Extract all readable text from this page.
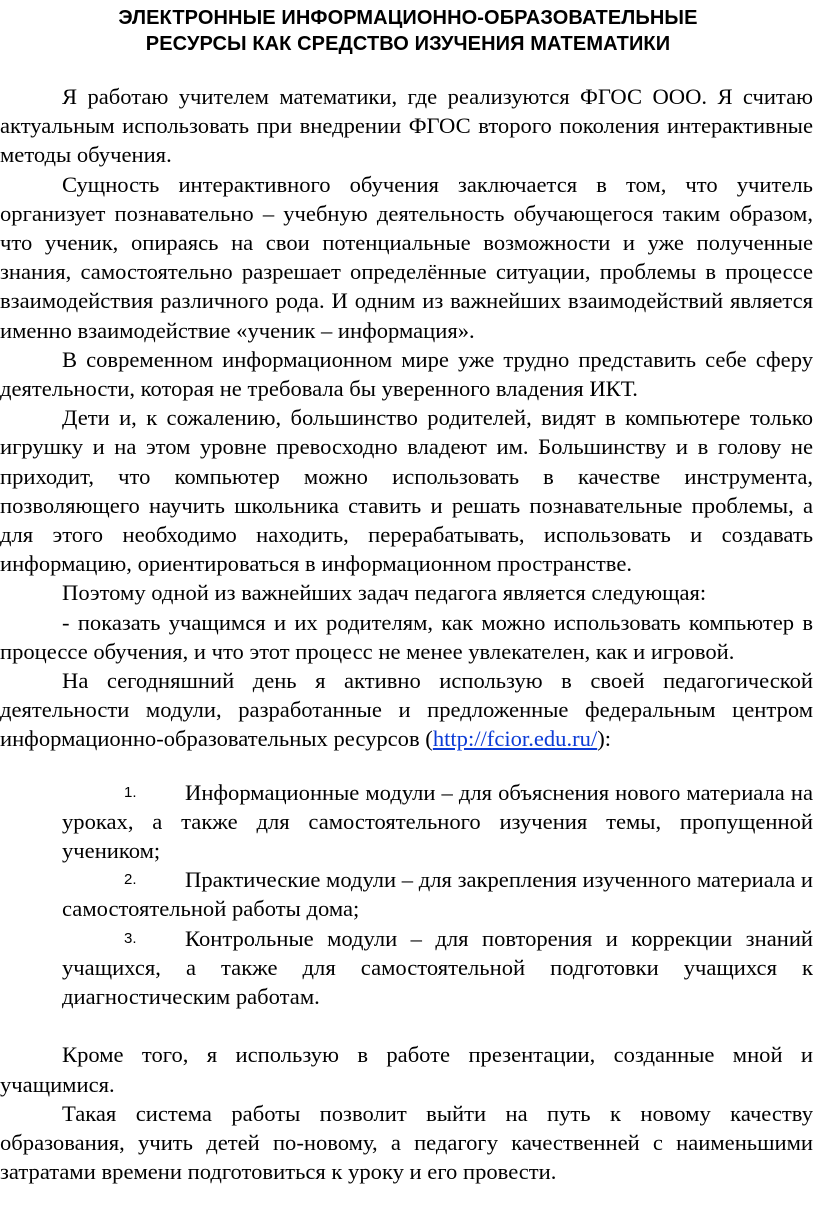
ЭЛЕКТРОННЫЕ ИНФОРМАЦИОННО-ОБРАЗОВАТЕЛЬНЫЕ
РЕСУРСЫ КАК СРЕДСТВО ИЗУЧЕНИЯ МАТЕМАТИКИ

Я работаю учителем математики, где реализуются ФГОС ООО. Я считаю актуальным использовать при внедрении ФГОС второго поколения интерактивные методы обучения.

Сущность интерактивного обучения заключается в том, что учитель организует познавательно – учебную деятельность обучающегося таким образом, что ученик, опираясь на свои потенциальные возможности и уже полученные знания, самостоятельно разрешает определённые ситуации, проблемы в процессе взаимодействия различного рода. И одним из важнейших взаимодействий является именно взаимодействие «ученик – информация».

В современном информационном мире уже трудно представить себе сферу деятельности, которая не требовала бы уверенного владения ИКТ.

Дети и, к сожалению, большинство родителей, видят в компьютере только игрушку и на этом уровне превосходно владеют им. Большинству и в голову не приходит, что компьютер можно использовать в качестве инструмента, позволяющего научить школьника ставить и решать познавательные проблемы, а для этого необходимо находить, перерабатывать, использовать и создавать информацию, ориентироваться в информационном пространстве.

Поэтому одной из важнейших задач педагога является следующая:

- показать учащимся и их родителям, как можно использовать компьютер в процессе обучения, и что этот процесс не менее увлекателен, как и игровой.

На сегодняшний день я активно использую в своей педагогической деятельности модули, разработанные и предложенные федеральным центром информационно-образовательных ресурсов (http://fcior.edu.ru/):

1. Информационные модули – для объяснения нового материала на уроках, а также для самостоятельного изучения темы, пропущенной учеником;
2. Практические модули – для закрепления изученного материала и самостоятельной работы дома;
3. Контрольные модули – для повторения и коррекции знаний учащихся, а также для самостоятельной подготовки учащихся к диагностическим работам.

Кроме того, я использую в работе презентации, созданные мной и учащимися.

Такая система работы позволит выйти на путь к новому качеству образования, учить детей по-новому, а педагогу качественней с наименьшими затратами времени подготовиться к уроку и его провести.
